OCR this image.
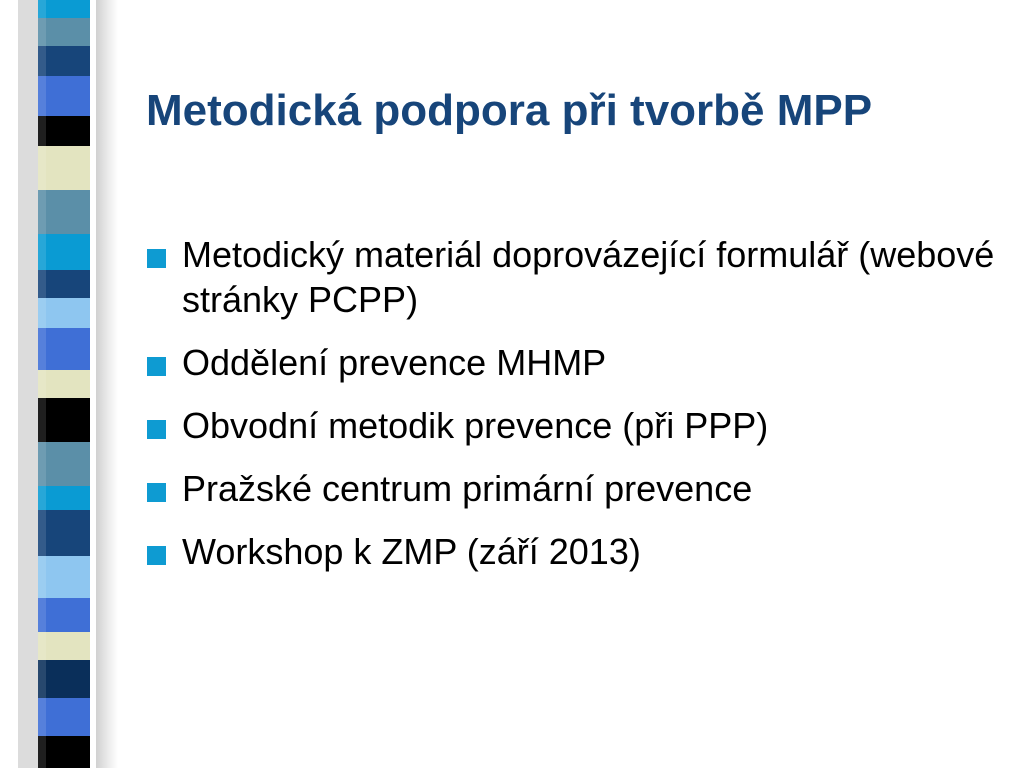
Metodická podpora při tvorbě MPP
Metodický materiál doprovázející formulář (webové stránky PCPP)
Oddělení prevence MHMP
Obvodní metodik prevence (při PPP)
Pražské centrum primární prevence
Workshop k ZMP (září 2013)
